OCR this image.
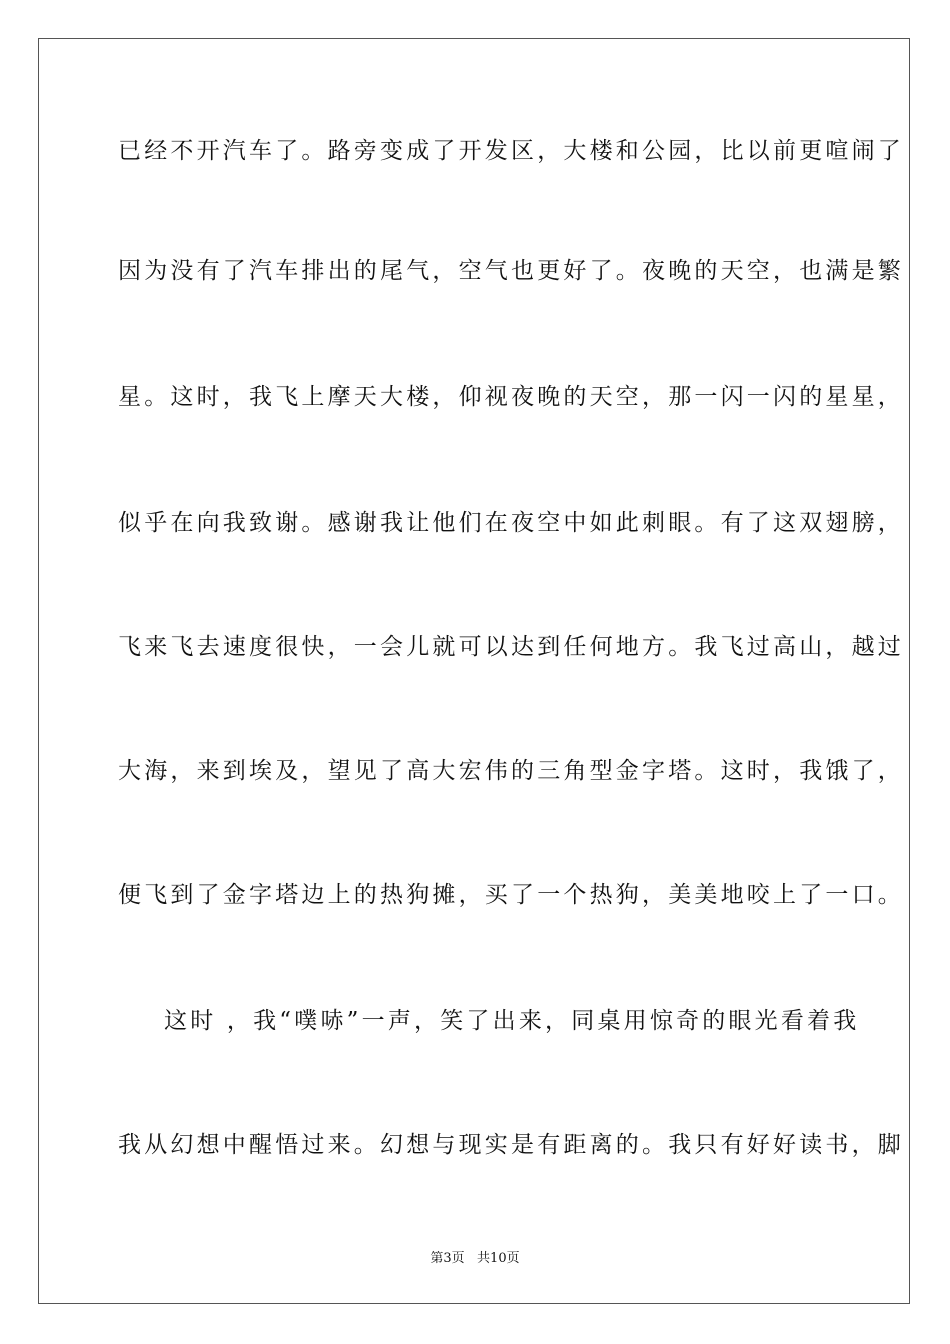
已经不开汽车了。路旁变成了开发区，大楼和公园，比以前更喧闹了
因为没有了汽车排出的尾气，空气也更好了。夜晚的天空，也满是繁
星。这时，我飞上摩天大楼，仰视夜晚的天空，那一闪一闪的星星，
似乎在向我致谢。感谢我让他们在夜空中如此刺眼。有了这双翅膀，
飞来飞去速度很快，一会儿就可以达到任何地方。我飞过高山，越过
大海，来到埃及，望见了高大宏伟的三角型金字塔。这时，我饿了，
便飞到了金字塔边上的热狗摊，买了一个热狗，美美地咬上了一口。
这时 ，我“噗哧”一声，笑了出来，同桌用惊奇的眼光看着我
我从幻想中醒悟过来。幻想与现实是有距离的。我只有好好读书，脚
第3页   共10页
